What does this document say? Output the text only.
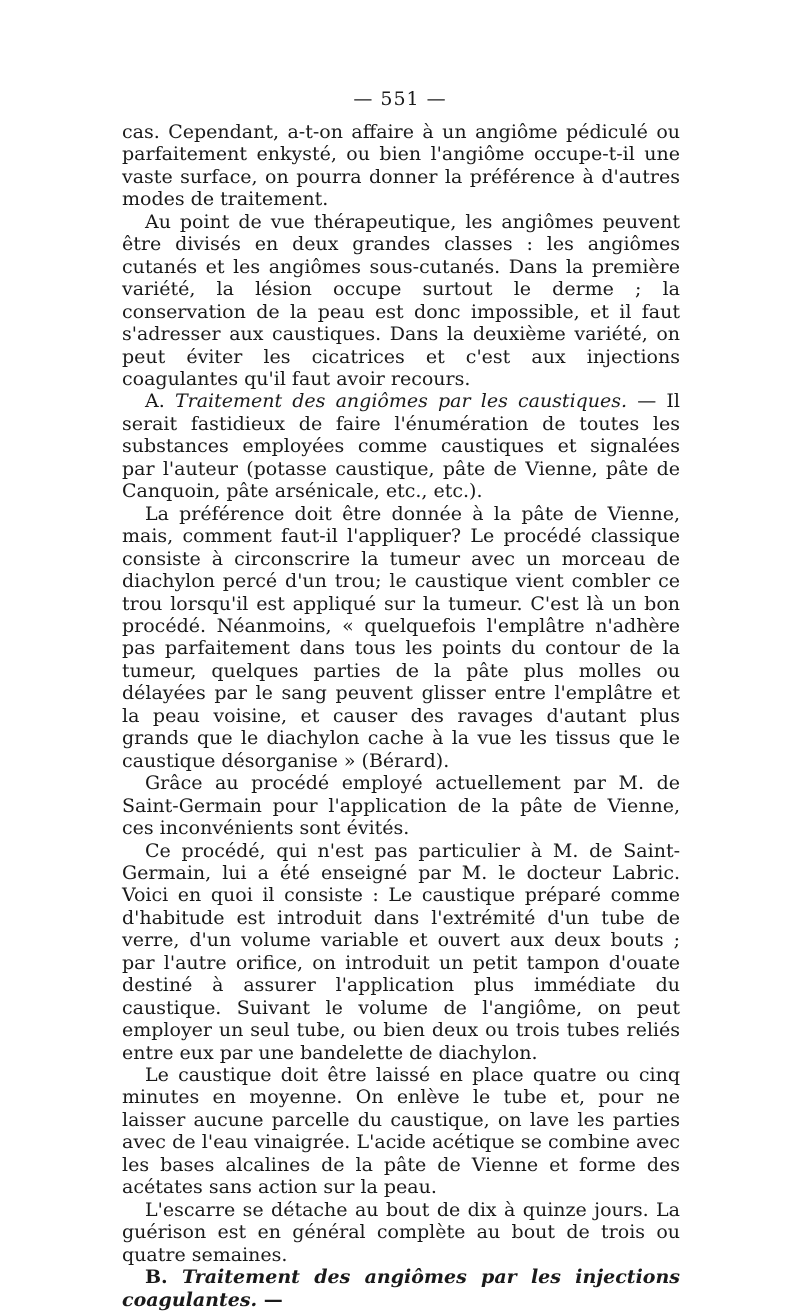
— 551 —

cas. Cependant, a-t-on affaire à un angiôme pédiculé ou parfaitement enkysté, ou bien l'angiôme occupe-t-il une vaste surface, on pourra donner la préférence à d'autres modes de traitement.

Au point de vue thérapeutique, les angiômes peuvent être divisés en deux grandes classes : les angiômes cutanés et les angiômes sous-cutanés. Dans la première variété, la lésion occupe surtout le derme ; la conservation de la peau est donc impossible, et il faut s'adresser aux caustiques. Dans la deuxième variété, on peut éviter les cicatrices et c'est aux injections coagulantes qu'il faut avoir recours.

A. Traitement des angiômes par les caustiques. — Il serait fastidieux de faire l'énumération de toutes les substances employées comme caustiques et signalées par l'auteur (potasse caustique, pâte de Vienne, pâte de Canquoin, pâte arsénicale, etc., etc.).

La préférence doit être donnée à la pâte de Vienne, mais, comment faut-il l'appliquer? Le procédé classique consiste à circonscrire la tumeur avec un morceau de diachylon percé d'un trou; le caustique vient combler ce trou lorsqu'il est appliqué sur la tumeur. C'est là un bon procédé. Néanmoins, « quelquefois l'emplâtre n'adhère pas parfaitement dans tous les points du contour de la tumeur, quelques parties de la pâte plus molles ou délayées par le sang peuvent glisser entre l'emplâtre et la peau voisine, et causer des ravages d'autant plus grands que le diachylon cache à la vue les tissus que le caustique désorganise » (Bérard).

Grâce au procédé employé actuellement par M. de Saint-Germain pour l'application de la pâte de Vienne, ces inconvénients sont évités.

Ce procédé, qui n'est pas particulier à M. de Saint-Germain, lui a été enseigné par M. le docteur Labric. Voici en quoi il consiste : Le caustique préparé comme d'habitude est introduit dans l'extrémité d'un tube de verre, d'un volume variable et ouvert aux deux bouts ; par l'autre orifice, on introduit un petit tampon d'ouate destiné à assurer l'application plus immédiate du caustique. Suivant le volume de l'angiôme, on peut employer un seul tube, ou bien deux ou trois tubes reliés entre eux par une bandelette de diachylon.

Le caustique doit être laissé en place quatre ou cinq minutes en moyenne. On enlève le tube et, pour ne laisser aucune parcelle du caustique, on lave les parties avec de l'eau vinaigrée. L'acide acétique se combine avec les bases alcalines de la pâte de Vienne et forme des acétates sans action sur la peau.

L'escarre se détache au bout de dix à quinze jours. La guérison est en général complète au bout de trois ou quatre semaines.

B. Traitement des angiômes par les injections coagulantes. —
